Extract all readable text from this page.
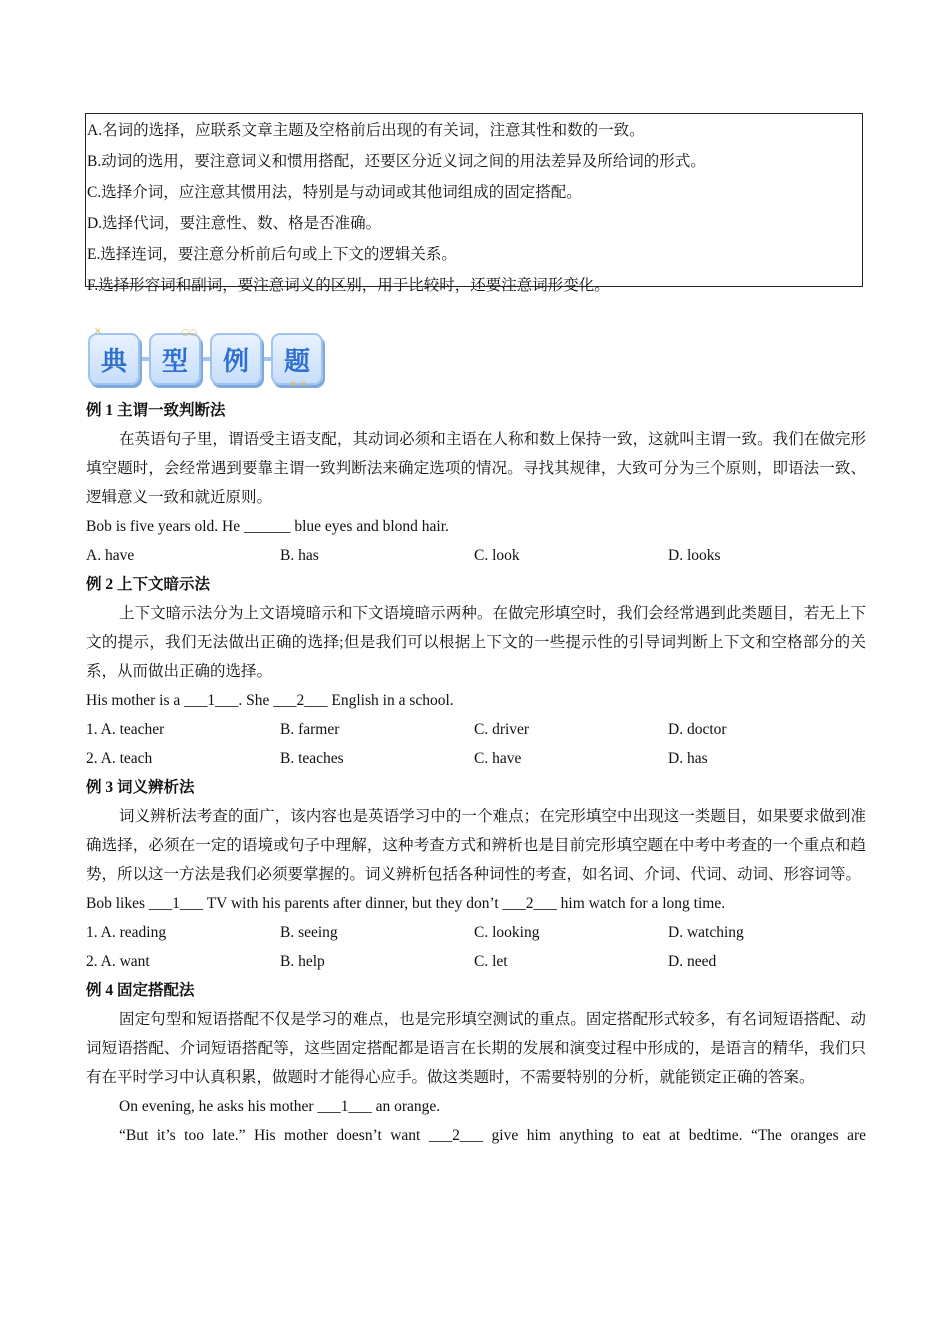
A.名词的选择，应联系文章主题及空格前后出现的有关词，注意其性和数的一致。
B.动词的选用，要注意词义和惯用搭配，还要区分近义词之间的用法差异及所给词的形式。
C.选择介词，应注意其惯用法，特别是与动词或其他词组成的固定搭配。
D.选择代词，要注意性、数、格是否准确。
E.选择连词，要注意分析前后句或上下文的逻辑关系。
F.选择形容词和副词，要注意词义的区别，用于比较时，还要注意词形变化。
典
✕
型
○○
例 题
✕ ✕
例 1 主谓一致判断法

在英语句子里，谓语受主语支配，其动词必须和主语在人称和数上保持一致，这就叫主谓一致。我们在做完形填空题时，会经常遇到要靠主谓一致判断法来确定选项的情况。寻找其规律，大致可分为三个原则，即语法一致、逻辑意义一致和就近原则。

Bob is five years old. He ______ blue eyes and blond hair.
A. have	B. has	C. look	D. looks
例 2 上下文暗示法

上下文暗示法分为上文语境暗示和下文语境暗示两种。在做完形填空时，我们会经常遇到此类题目，若无上下文的提示，我们无法做出正确的选择;但是我们可以根据上下文的一些提示性的引导词判断上下文和空格部分的关系，从而做出正确的选择。

His mother is a ___1___. She ___2___ English in a school.
1. A. teacher	B. farmer	C. driver	D. doctor
2. A. teach	B. teaches	C. have	D. has
例 3 词义辨析法

词义辨析法考查的面广，该内容也是英语学习中的一个难点；在完形填空中出现这一类题目，如果要求做到准确选择，必须在一定的语境或句子中理解，这种考查方式和辨析也是目前完形填空题在中考中考查的一个重点和趋势，所以这一方法是我们必须要掌握的。词义辨析包括各种词性的考查，如名词、介词、代词、动词、形容词等。

Bob likes ___1___ TV with his parents after dinner, but they don’t ___2___ him watch for a long time.
1. A. reading	B. seeing	C. looking	D. watching
2. A. want	B. help	C. let	D. need
例 4 固定搭配法

固定句型和短语搭配不仅是学习的难点，也是完形填空测试的重点。固定搭配形式较多，有名词短语搭配、动词短语搭配、介词短语搭配等，这些固定搭配都是语言在长期的发展和演变过程中形成的，是语言的精华，我们只有在平时学习中认真积累，做题时才能得心应手。做这类题时，不需要特别的分析，就能锁定正确的答案。

On evening, he asks his mother ___1___ an orange.
“But it’s too late.” His mother doesn’t want ___2___ give him anything to eat at bedtime. “The oranges are
